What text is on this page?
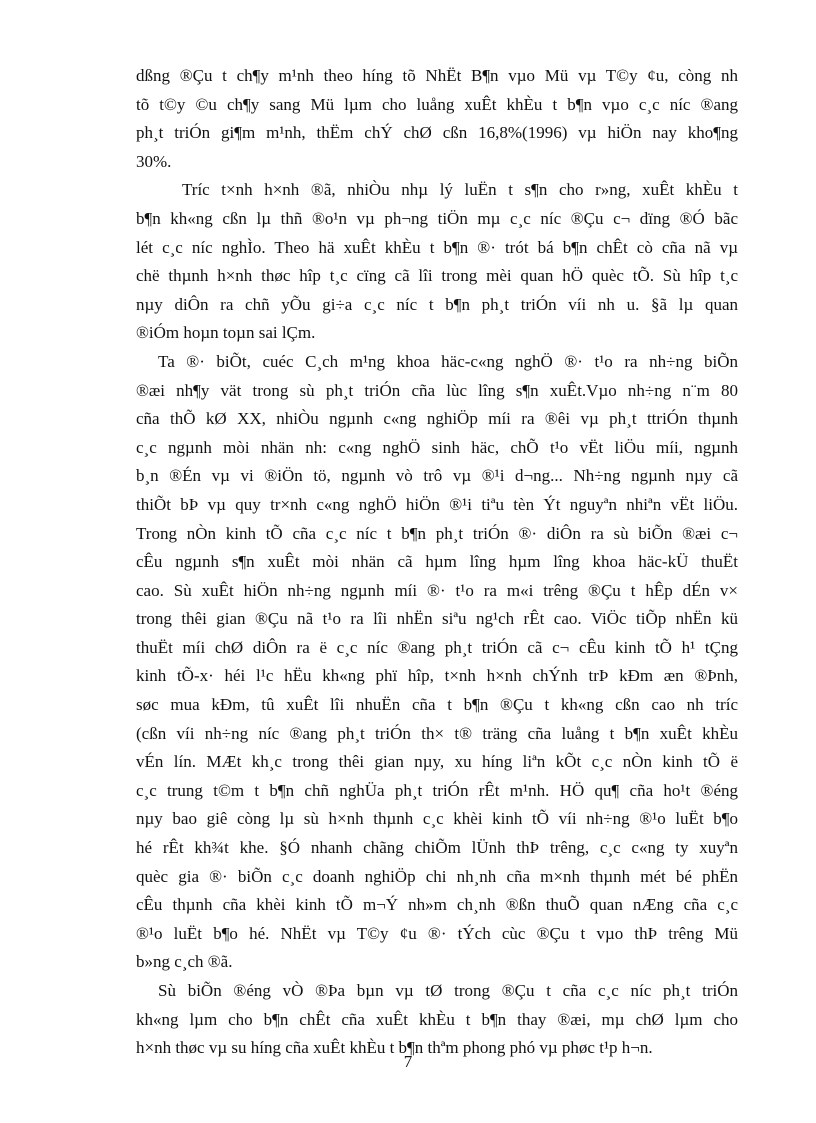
dßng ®Çu t ch¶y m¹nh theo híng tõ NhËt B¶n vµo Mü vµ T©y ¢u, còng nh
tõ t©y ©u ch¶y sang Mü lµm cho luång xuÊt khÈu t b¶n vµo c¸c níc ®ang
ph¸t triÓn gi¶m m¹nh, thËm chÝ chØ cßn 16,8%(1996) vµ hiÖn nay kho¶ng
30%.
Tríc t×nh h×nh ®ã, nhiÒu nhµ lý luËn t s¶n cho r»ng, xuÊt khÈu t
b¶n kh«ng cßn lµ thñ ®o¹n vµ ph¬ng tiÖn mµ c¸c níc ®Çu c¬ dïng ®Ó bãc
lét c¸c níc nghÌo. Theo hä xuÊt khÈu t b¶n ®· trót bá b¶n chÊt cò cña nã vµ
chë thµnh h×nh thøc hîp t¸c cïng cã lîi trong mèi quan hÖ quèc tÕ. Sù hîp t¸c
nµy diÔn ra chñ yÕu gi÷a c¸c níc t b¶n ph¸t triÓn víi nh u. §ã lµ quan
®iÓm hoµn toµn sai lÇm.
Ta ®· biÕt, cuéc C¸ch m¹ng khoa häc-c«ng nghÖ ®· t¹o ra nh÷ng biÕn
®æi nh¶y vät trong sù ph¸t triÓn cña lùc lîng s¶n xuÊt.Vµo nh÷ng n¨m 80
cña thÕ kØ XX, nhiÒu ngµnh c«ng nghiÖp míi ra ®êi vµ ph¸t ttriÓn thµnh
c¸c ngµnh mòi nhän nh: c«ng nghÖ sinh häc, chÕ t¹o vËt liÖu míi, ngµnh
b¸n ®Én vµ vi ®iÖn tö, ngµnh vò trô vµ ®¹i d¬ng... Nh÷ng ngµnh nµy cã
thiÕt bÞ vµ quy tr×nh c«ng nghÖ hiÖn ®¹i tiªu tèn Ýt nguyªn nhiªn vËt liÖu.
Trong nÒn kinh tÕ cña c¸c níc t b¶n ph¸t triÓn ®· diÔn ra sù biÕn ®æi c¬
cÊu ngµnh s¶n xuÊt mòi nhän cã hµm lîng hµm lîng khoa häc-kÜ thuËt
cao. Sù xuÊt hiÖn nh÷ng ngµnh míi ®· t¹o ra m«i trêng ®Çu t hÊp dÉn v×
trong thêi gian ®Çu nã t¹o ra lîi nhËn siªu ng¹ch rÊt cao. ViÖc tiÕp nhËn kü
thuËt míi chØ diÔn ra ë c¸c níc ®ang ph¸t triÓn cã c¬ cÊu kinh tÕ h¹ tÇng
kinh tÕ-x· héi l¹c hËu kh«ng phï hîp, t×nh h×nh chÝnh trÞ kÐm æn ®Þnh,
søc mua kÐm, tû xuÊt lîi nhuËn cña t b¶n ®Çu t kh«ng cßn cao nh tríc
(cßn víi nh÷ng níc ®ang ph¸t triÓn th× t® träng cña luång t b¶n xuÊt khÈu
vÉn lín. MÆt kh¸c trong thêi gian nµy, xu híng liªn kÕt c¸c nÒn kinh tÕ ë
c¸c trung t©m t b¶n chñ nghÜa ph¸t triÓn rÊt m¹nh. HÖ qu¶ cña ho¹t ®éng
nµy bao giê còng lµ sù h×nh thµnh c¸c khèi kinh tÕ víi nh÷ng ®¹o luËt b¶o
hé rÊt kh¾t khe. §Ó nhanh chãng chiÕm lÜnh thÞ trêng, c¸c c«ng ty xuyªn
quèc gia ®· biÕn c¸c doanh nghiÖp chi nh¸nh cña m×nh thµnh mét bé phËn
cÊu thµnh cña khèi kinh tÕ m¬Ý nh»m ch¸nh ®ßn thuÕ quan nÆng cña c¸c
®¹o luËt b¶o hé. NhËt vµ T©y ¢u ®· tÝch cùc ®Çu t vµo thÞ trêng Mü
b»ng c¸ch ®ã.
Sù biÕn ®éng vÒ ®Þa bµn vµ tØ trong ®Çu t cña c¸c níc ph¸t triÓn
kh«ng lµm cho b¶n chÊt cña xuÊt khÈu t b¶n thay ®æi, mµ chØ lµm cho
h×nh thøc vµ su híng cña xuÊt khÈu t b¶n thªm phong phó vµ phøc t¹p h¬n.
7
